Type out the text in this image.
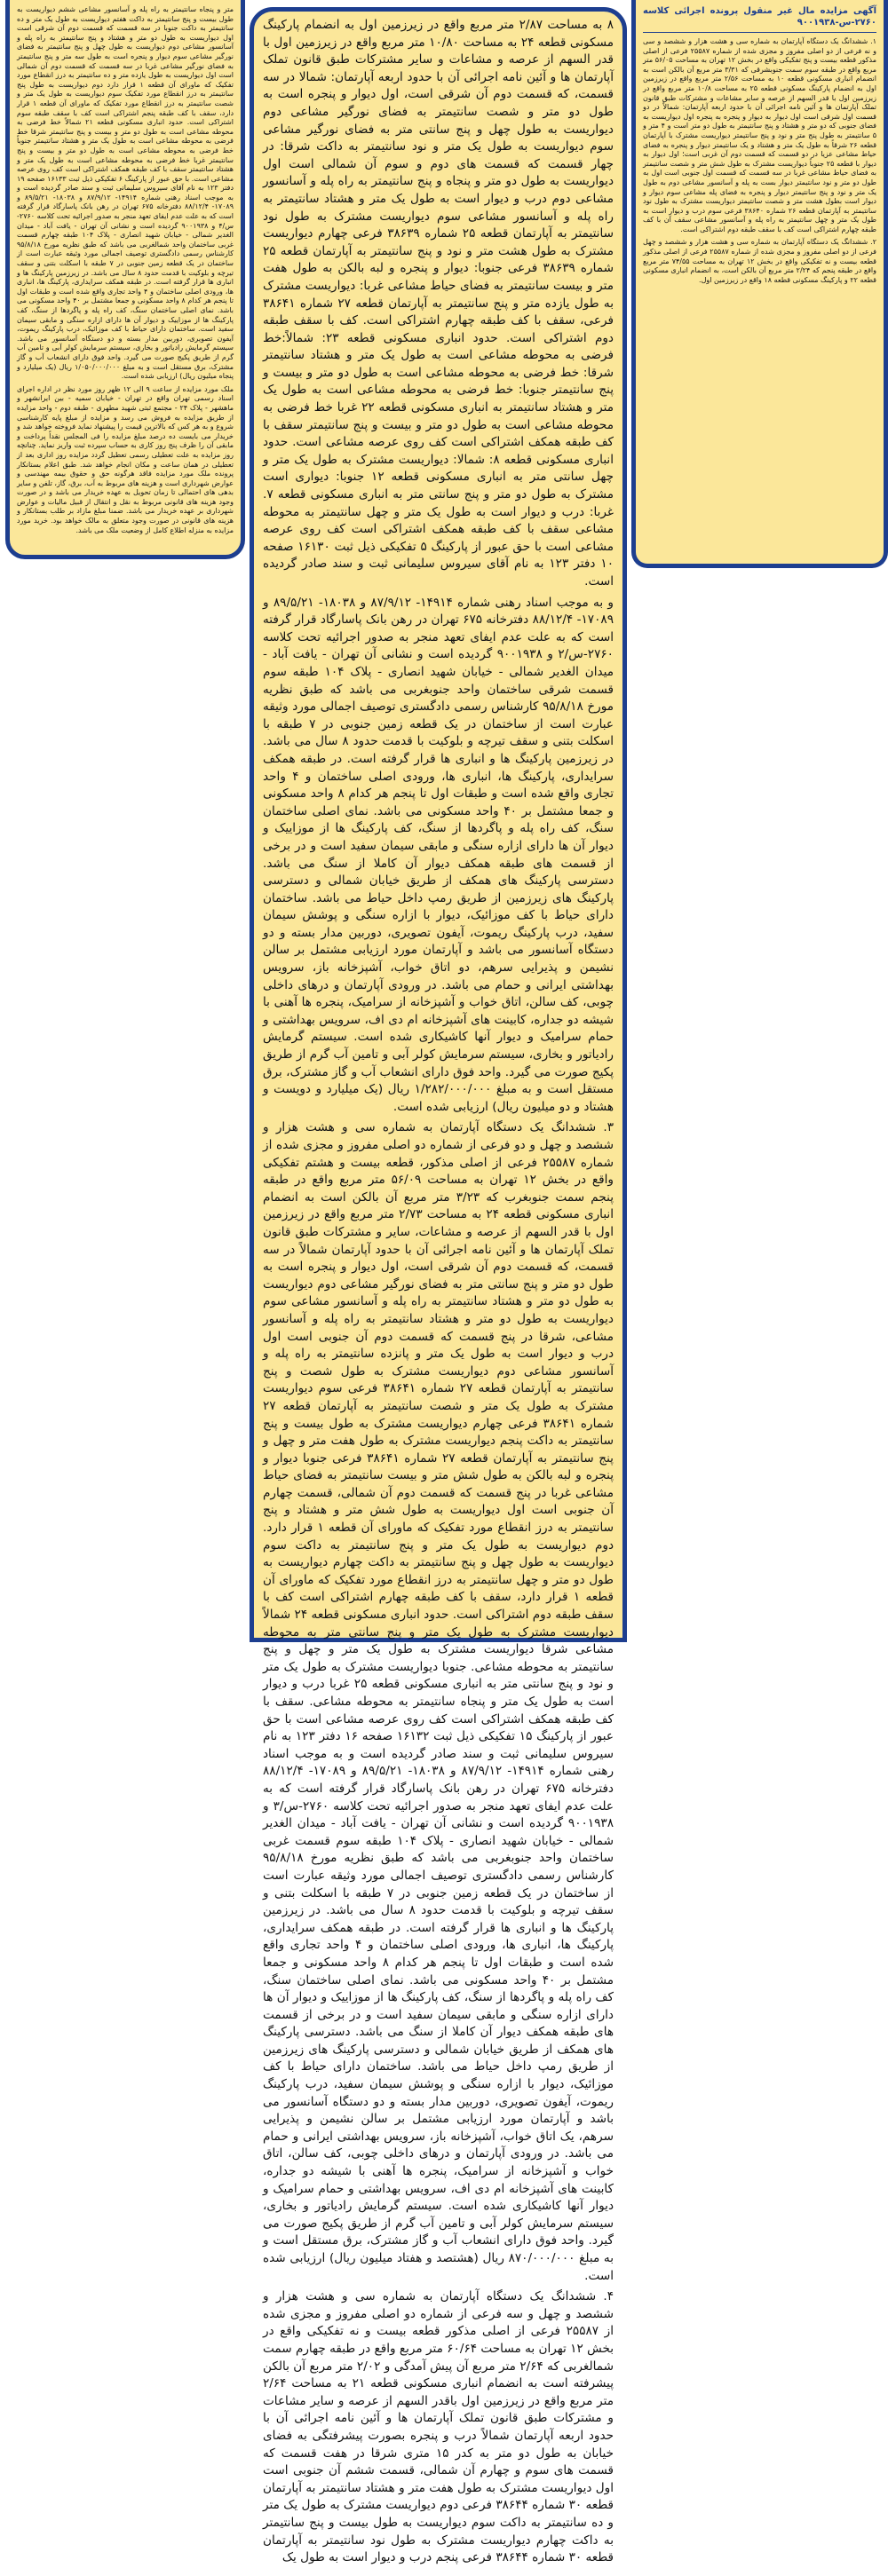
آگهی مزایده مال غیر منقول پرونده اجرائی کلاسه ۲۷۶۰-س-۹۰۰۱۹۳۸

۱. ششدانگ یک دستگاه آپارتمان به شماره سی و هشت هزار و ششصد و سی و نه فرعی از دو اصلی مفروز و مجزی شده از شماره ۲۵۵۸۷ فرعی از اصلی مذکور قطعه بیست و پنج تفکیکی واقع در بخش ۱۲ تهران به مساحت ۵۶/۰۵ متر مربع واقع در طبقه سوم سمت جنوبشرقی که ۳/۳۱ متر مربع آن بالکن است به انضمام انباری مسکونی قطعه ۱۰ به مساحت ۲/۵۶ متر مربع واقع در زیرزمین اول به انضمام پارکینگ مسکونی قطعه ۲۵ به مساحت ۱۰/۸ متر مربع واقع در زیرزمین اول با قدر السهم از عرصه و سایر مشاعات و مشترکات طبق قانون تملک آپارتمان ها و آئین نامه اجرائی آن با حدود اربعه آپارتمان: شمالاً در دو قسمت اول شرقی است اول دیوار به دیوار و پنجره به پنجره اول دیواریست به فضای جنوبی که دو متر و هشتاد و پنج سانتیمتر به طول دو متر است و ۴ متر و ۵ سانتیمتر به طول پنج متر و نود و پنج سانتیمتر دیواریست مشترک با آپارتمان قطعه ۲۶ شرقاً به طول یک متر و هشتاد و یک سانتیمتر دیوار و پنجره به فضای حیاط مشاعی عزیا در دو قسمت که قسمت دوم آن غربی است؛ اول دیوار به دیوار با قطعه ۲۵ جنوباً دیواریست مشترک به طول شش متر و شصت سانتیمتر به فضای حیاط مشاعی غربا در سه قسمت که قسمت اول جنوبی است اول به طول دو متر و نود سانتیمتر دیوار بست به پله و آسانسور مشاعی دوم به طول یک متر و نود و پنج سانتیمتر دیوار و پنجره به فضای پله مشاعی سوم دیوار و دیوار است بطول هشت متر و شصت سانتیمتر دیواریست مشترک به طول نود سانتیمتر به آپارتمان قطعه ۲۶ شماره ۳۸۶۴۰ فرعی سوم درب و دیوار است به طول یک متر و چهل سانتیمتر به راه پله و آسانسور مشاعی سقف آن با کف طبقه چهارم اشتراکی است کف با سقف طبقه دوم اشتراکی است.

۲. ششدانگ یک دستگاه آپارتمان به شماره سی و هشت هزار و ششصد و چهل فرعی از دو اصلی مفروز و مجزی شده از شماره ۲۵۵۸۷ فرعی از اصلی مذکور قطعه بیست و نه تفکیکی واقع در بخش ۱۲ تهران به مساحت ۷۴/۵۵ متر مربع واقع در طبقه پنجم که ۲/۲۴ متر مربع آن بالکن است، به انضمام انباری مسکونی قطعه ۲۲ و پارکینگ مسکونی قطعه ۱۸ واقع در زیرزمین اول.

۸ به مساحت ۲/۸۷ متر مربع واقع در زیرزمین اول به انضمام پارکینگ مسکونی قطعه ۲۴ به مساحت ۱۰/۸۰ متر مربع واقع در زیرزمین اول با قدر السهم از عرصه و مشاعات و سایر مشترکات طبق قانون تملک آپارتمان ها و آئین نامه اجرائی آن با حدود اربعه آپارتمان: شمالا در سه قسمت، که قسمت دوم آن شرقی است، اول دیوار و پنجره است به طول دو متر و شصت سانتیمتر به فضای نورگیر مشاعی دوم دیواریست به طول چهل و پنج سانتی متر به فضای نورگیر مشاعی سوم دیواریست به طول یک متر و نود سانتیمتر به داکت شرقا: در چهار قسمت که قسمت های دوم و سوم آن شمالی است اول دیواریست به طول دو متر و پنجاه و پنج سانتیمتر به راه پله و آسانسور مشاعی دوم درب و دیوار است به طول یک متر و هشتاد سانتیمتر به راه پله و آسانسور مشاعی سوم دیواریست مشترک به طول نود سانتیمتر به آپارتمان قطعه ۲۵ شماره ۳۸۶۳۹ فرعی چهارم دیواریست مشترک به طول هشت متر و نود و پنج سانتیمتر به آپارتمان قطعه ۲۵ شماره ۳۸۶۳۹ فرعی جنوبا: دیوار و پنجره و لبه بالکن به طول هفت متر و بیست سانتیمتر به فضای حیاط مشاعی غربا: دیواریست مشترک به طول یازده متر و پنج سانتیمتر به آپارتمان قطعه ۲۷ شماره ۳۸۶۴۱ فرعی، سقف با کف طبقه چهارم اشتراکی است. کف با سقف طبقه دوم اشتراکی است. حدود انباری مسکونی قطعه ۲۳: شمالاً:خط فرضی به محوطه مشاعی است به طول یک متر و هشتاد سانتیمتر شرقا: خط فرضی به محوطه مشاعی است به طول دو متر و بیست و پنج سانتیمتر جنوبا: خط فرضی به محوطه مشاعی است به طول یک متر و هشتاد سانتیمتر به انباری مسکونی قطعه ۲۲ غربا خط فرضی به محوطه مشاعی است به طول دو متر و بیست و پنج سانتیمتر سقف با کف طبقه همکف اشتراکی است کف روی عرصه مشاعی است. حدود انباری مسکونی قطعه ۸: شمالا: دیواریست مشترک به طول یک متر و چهل سانتی متر به انباری مسکونی قطعه ۱۲ جنوبا: دیواری است مشترک به طول دو متر و پنج سانتی متر به انباری مسکونی قطعه ۷. غربا: درب و دیوار است به طول یک متر و چهل سانتیمتر به محوطه مشاعی سقف با کف طبقه همکف اشتراکی است کف روی عرصه مشاعی است با حق عبور از پارکینگ ۵ تفکیکی ذیل ثبت ۱۶۱۳۰ صفحه ۱۰ دفتر ۱۲۳ به نام آقای سیروس سلیمانی ثبت و سند صادر گردیده است.

و به موجب اسناد رهنی شماره ۱۴۹۱۴- ۸۷/۹/۱۲ و ۱۸۰۳۸- ۸۹/۵/۲۱ و ۱۷۰۸۹- ۸۸/۱۲/۴ دفترخانه ۶۷۵ تهران در رهن بانک پاسارگاد قرار گرفته است که به علت عدم ایفای تعهد منجر به صدور اجرائیه تحت کلاسه ۲۷۶۰-س/۲ و ۹۰۰۱۹۳۸ گردیده است و نشانی آن تهران - یافت آباد - میدان الغدیر شمالی - خیابان شهید انصاری - پلاک ۱۰۴ طبقه سوم قسمت شرقی ساختمان واحد جنوبغربی می باشد که طبق نظریه مورخ ۹۵/۸/۱۸ کارشناس رسمی دادگستری توصیف اجمالی مورد وثیقه عبارت است از ساختمان در یک قطعه زمین جنوبی در ۷ طبقه با اسکلت بتنی و سقف تیرچه و بلوکیت با قدمت حدود ۸ سال می باشد. در زیرزمین پارکینگ ها و انباری ها قرار گرفته است. در طبقه همکف سرایداری، پارکینگ ها، انباری ها، ورودی اصلی ساختمان و ۴ واحد تجاری واقع شده است و طبقات اول تا پنجم هر کدام ۸ واحد مسکونی و جمعا مشتمل بر ۴۰ واحد مسکونی می باشد. نمای اصلی ساختمان سنگ، کف راه پله و پاگردها از سنگ، کف پارکینگ ها از موزاییک و دیوار آن ها دارای ازاره سنگی و مابقی سیمان سفید است و در برخی از قسمت های طبقه همکف دیوار آن کاملا از سنگ می باشد. دسترسی پارکینگ های همکف از طریق خیابان شمالی و دسترسی پارکینگ های زیرزمین از طریق رمپ داخل حیاط می باشد. ساختمان دارای حیاط با کف موزائیک، دیوار با ازاره سنگی و پوشش سیمان سفید، درب پارکینگ ریموت، آیفون تصویری، دوربین مدار بسته و دو دستگاه آسانسور می باشد و آپارتمان مورد ارزیابی مشتمل بر سالن نشیمن و پذیرایی سرهم، دو اتاق خواب، آشپزخانه باز، سرویس بهداشتی ایرانی و حمام می باشد. در ورودی آپارتمان و درهای داخلی چوبی، کف سالن، اتاق خواب و آشپزخانه از سرامیک، پنجره ها آهنی با شیشه دو جداره، کابینت های آشپزخانه ام دی اف، سرویس بهداشتی و حمام سرامیک و دیوار آنها کاشیکاری شده است. سیستم گرمایش رادیاتور و بخاری، سیستم سرمایش کولر آبی و تامین آب گرم از طریق پکیج صورت می گیرد. واحد فوق دارای انشعاب آب و گاز مشترک، برق مستقل است و به مبلغ ۱/۲۸۲/۰۰۰/۰۰۰ ریال (یک میلیارد و دویست و هشتاد و دو میلیون ریال) ارزیابی شده است.

۳. ششدانگ یک دستگاه آپارتمان به شماره سی و هشت هزار و ششصد و چهل و دو فرعی از شماره دو اصلی مفروز و مجزی شده از شماره ۲۵۵۸۷ فرعی از اصلی مذکور، قطعه بیست و هشتم تفکیکی واقع در بخش ۱۲ تهران به مساحت ۵۶/۰۹ متر مربع واقع در طبقه پنجم سمت جنوبغرب که ۳/۲۳ متر مربع آن بالکن است به انضمام انباری مسکونی قطعه ۲۴ به مساحت ۲/۷۳ متر مربع واقع در زیرزمین اول با قدر السهم از عرصه و مشاعات، سایر و مشترکات طبق قانون تملک آپارتمان ها و آئین نامه اجرائی آن با حدود آپارتمان شمالاً در سه قسمت، که قسمت دوم آن شرقی است، اول دیوار و پنجره است به طول دو متر و پنج سانتی متر به فضای نورگیر مشاعی دوم دیواریست به طول دو متر و هشتاد سانتیمتر به راه پله و آسانسور مشاعی سوم دیواریست به طول دو متر و هشتاد سانتیمتر به راه پله و آسانسور مشاعی، شرقا در پنج قسمت که قسمت دوم آن جنوبی است اول درب و دیوار است به طول یک متر و پانزده سانتیمتر به راه پله و آسانسور مشاعی دوم دیواریست مشترک به طول شصت و پنج سانتیمتر به آپارتمان قطعه ۲۷ شماره ۳۸۶۴۱ فرعی سوم دیواریست مشترک به طول یک متر و شصت سانتیمتر به آپارتمان قطعه ۲۷ شماره ۳۸۶۴۱ فرعی چهارم دیواریست مشترک به طول بیست و پنج سانتیمتر به داکت پنجم دیواریست مشترک به طول هفت متر و چهل و پنج سانتیمتر به آپارتمان قطعه ۲۷ شماره ۳۸۶۴۱ فرعی جنوبا دیوار و پنجره و لبه بالکن به طول شش متر و بیست سانتیمتر به فضای حیاط مشاعی غربا در پنج قسمت که قسمت دوم آن شمالی، قسمت چهارم آن جنوبی است اول دیواریست به طول شش متر و هشتاد و پنج سانتیمتر به درز انقطاع مورد تفکیک که ماورای آن قطعه ۱ قرار دارد. دوم دیواریست به طول یک متر و پنج سانتیمتر به داکت سوم دیواریست به طول چهل و پنج سانتیمتر به داکت چهارم دیواریست به طول دو متر و چهل سانتیمتر به درز انقطاع مورد تفکیک که ماورای آن قطعه ۱ قرار دارد، سقف با کف طبقه چهارم اشتراکی است کف با سقف طبقه دوم اشتراکی است. حدود انباری مسکونی قطعه ۲۴ شمالاً دیواریست مشترک به طول یک متر و پنج سانتی متر به محوطه مشاعی شرقا دیواریست مشترک به طول یک متر و چهل و پنج سانتیمتر به محوطه مشاعی. جنوبا دیواریست مشترک به طول یک متر و نود و پنج سانتی متر به انباری مسکونی قطعه ۲۵ غربا درب و دیوار است به طول یک متر و پنجاه سانتیمتر به محوطه مشاعی. سقف با کف طبقه همکف اشتراکی است کف روی عرصه مشاعی است با حق عبور از پارکینگ ۱۵ تفکیکی ذیل ثبت ۱۶۱۳۲ صفحه ۱۶ دفتر ۱۲۳ به نام سیروس سلیمانی ثبت و سند صادر گردیده است و به موجب اسناد رهنی شماره ۱۴۹۱۴- ۸۷/۹/۱۲ و ۱۸۰۳۸- ۸۹/۵/۲۱ و ۱۷۰۸۹- ۸۸/۱۲/۴ دفترخانه ۶۷۵ تهران در رهن بانک پاسارگاد قرار گرفته است که به علت عدم ایفای تعهد منجر به صدور اجرائیه تحت کلاسه ۲۷۶۰-س/۳ و ۹۰۰۱۹۳۸ گردیده است و نشانی آن تهران - یافت آباد - میدان الغدیر شمالی - خیابان شهید انصاری - پلاک ۱۰۴ طبقه سوم قسمت غربی ساختمان واحد جنوبغربی می باشد که طبق نظریه مورخ ۹۵/۸/۱۸ کارشناس رسمی دادگستری توصیف اجمالی مورد وثیقه عبارت است از ساختمان در یک قطعه زمین جنوبی در ۷ طبقه با اسکلت بتنی و سقف تیرچه و بلوکیت با قدمت حدود ۸ سال می باشد. در زیرزمین پارکینگ ها و انباری ها قرار گرفته است. در طبقه همکف سرایداری، پارکینگ ها، انباری ها، ورودی اصلی ساختمان و ۴ واحد تجاری واقع شده است و طبقات اول تا پنجم هر کدام ۸ واحد مسکونی و جمعا مشتمل بر ۴۰ واحد مسکونی می باشد. نمای اصلی ساختمان سنگ، کف راه پله و پاگردها از سنگ، کف پارکینگ ها از موزاییک و دیوار آن ها دارای ازاره سنگی و مابقی سیمان سفید است و در برخی از قسمت های طبقه همکف دیوار آن کاملا از سنگ می باشد. دسترسی پارکینگ های همکف از طریق خیابان شمالی و دسترسی پارکینگ های زیرزمین از طریق رمپ داخل حیاط می باشد. ساختمان دارای حیاط با کف موزائیک، دیوار با ازاره سنگی و پوشش سیمان سفید، درب پارکینگ ریموت، آیفون تصویری، دوربین مدار بسته و دو دستگاه آسانسور می باشد و آپارتمان مورد ارزیابی مشتمل بر سالن نشیمن و پذیرایی سرهم، یک اتاق خواب، آشپزخانه باز، سرویس بهداشتی ایرانی و حمام می باشد. در ورودی آپارتمان و درهای داخلی چوبی، کف سالن، اتاق خواب و آشپزخانه از سرامیک، پنجره ها آهنی با شیشه دو جداره، کابینت های آشپزخانه ام دی اف، سرویس بهداشتی و حمام سرامیک و دیوار آنها کاشیکاری شده است. سیستم گرمایش رادیاتور و بخاری، سیستم سرمایش کولر آبی و تامین آب گرم از طریق پکیج صورت می گیرد. واحد فوق دارای انشعاب آب و گاز مشترک، برق مستقل است و به مبلغ ۸۷۰/۰۰۰/۰۰۰ ریال (هشتصد و هفتاد میلیون ریال) ارزیابی شده است.

۴. ششدانگ یک دستگاه آپارتمان به شماره سی و هشت هزار و ششصد و چهل و سه فرعی از شماره دو اصلی مفروز و مجزی شده از ۲۵۵۸۷ فرعی از اصلی مذکور قطعه بیست و نه تفکیکی واقع در بخش ۱۲ تهران به مساحت ۶۰/۶۴ متر مربع واقع در طبقه چهارم سمت شمالغربی که ۲/۶۴ متر مربع آن پیش آمدگی و ۲/۰۲ متر مربع آن بالکن پیشرفته است به انضمام انباری مسکونی قطعه ۲۱ به مساحت ۲/۶۴ متر مربع واقع در زیرزمین اول باقدر السهم از عرصه و سایر مشاعات و مشترکات طبق قانون تملک آپارتمان ها و آئین نامه اجرائی آن با حدود اربعه آپارتمان شمالاً درب و پنجره بصورت پیشرفتگی به فضای خیابان به طول دو متر به کدر ۱۵ متری شرقا در هفت قسمت که قسمت های سوم و چهارم آن شمالی، قسمت ششم آن جنوبی است اول دیواریست مشترک به طول هفت متر و هشتاد سانتیمتر به آپارتمان قطعه ۳۰ شماره ۳۸۶۴۴ فرعی دوم دیواریست مشترک به طول یک متر و ده سانتیمتر به داکت سوم دیواریست به طول بیست و پنج سانتیمتر به داکت چهارم دیواریست مشترک به طول نود سانتیمتر به آپارتمان قطعه ۳۰ شماره ۳۸۶۴۴ فرعی پنجم درب و دیوار است به طول یک

متر و پنجاه سانتیمتر به راه پله و آسانسور مشاعی ششم دیواریست به طول بیست و پنج سانتیمتر به داکت هفتم دیواریست به طول یک متر و ده سانتیمتر به داکت جنوبا در سه قسمت که قسمت دوم آن شرقی است اول دیواریست به طول دو متر و هشتاد و پنج سانتیمتر به راه پله و آسانسور مشاعی دوم دیواریست به طول چهل و پنج سانتیمتر به فضای نورگیر مشاعی سوم دیوار و پنجره است به طول سه متر و پنج سانتیمتر به فضای نورگیر مشاعی غربا در سه قسمت که قسمت دوم آن شمالی است اول دیواریست به طول یازده متر و ده سانتیمتر به درز انقطاع مورد تفکیک که ماورای آن قطعه ۱ قرار دارد دوم دیواریست به طول پنج سانتیمتر به درز انقطاع مورد تفکیک سوم دیواریست به طول یک متر و شصت سانتیمتر به درز انقطاع مورد تفکیک که ماورای آن قطعه ۱ قرار دارد، سقف با کف طبقه پنجم اشتراکی است کف با سقف طبقه سوم اشتراکی است. حدود انباری مسکونی قطعه ۲۱ شمالاً خط فرضی به محوطه مشاعی است به طول دو متر و بیست و پنج سانتیمتر شرقا خط فرضی به محوطه مشاعی است به طول یک متر و هشتاد سانتیمتر جنوباً خط فرضی به محوطه مشاعی است به طول دو متر و بیست و پنج سانتیمتر غربا خط فرضی به محوطه مشاعی است به طول یک متر و هشتاد سانتیمتر سقف با کف طبقه همکف اشتراکی است کف روی عرصه مشاعی است. با حق عبور از پارکینگ ۶ تفکیکی ذیل ثبت ۱۶۱۳۳ صفحه ۱۹ دفتر ۱۲۳ به نام آقای سیروس سلیمانی ثبت و سند صادر گردیده است و به موجب اسناد رهنی شماره ۱۴۹۱۴- ۸۷/۹/۱۲ و ۱۸۰۳۸- ۸۹/۵/۲۱ و ۱۷۰۸۹- ۸۸/۱۲/۴ دفترخانه ۶۷۵ تهران در رهن بانک پاسارگاد قرار گرفته است که به علت عدم ایفای تعهد منجر به صدور اجرائیه تحت کلاسه ۲۷۶۰-س/۴ و ۹۰۰۱۹۳۸ گردیده است و نشانی آن تهران - یافت آباد - میدان الغدیر شمالی - خیابان شهید انصاری - پلاک ۱۰۴ طبقه چهارم قسمت غربی ساختمان واحد شمالغربی می باشد که طبق نظریه مورخ ۹۵/۸/۱۸ کارشناس رسمی دادگستری توصیف اجمالی مورد وثیقه عبارت است از ساختمان در یک قطعه زمین جنوبی در ۷ طبقه با اسکلت بتنی و سقف تیرچه و بلوکیت با قدمت حدود ۸ سال می باشد. در زیرزمین پارکینگ ها و انباری ها قرار گرفته است. در طبقه همکف سرایداری، پارکینگ ها، انباری ها، ورودی اصلی ساختمان و ۴ واحد تجاری واقع شده است و طبقات اول تا پنجم هر کدام ۸ واحد مسکونی و جمعا مشتمل بر ۴۰ واحد مسکونی می باشد. نمای اصلی ساختمان سنگ، کف راه پله و پاگردها از سنگ، کف پارکینگ ها از موزاییک و دیوار آن ها دارای ازاره سنگی و مابقی سیمان سفید است. ساختمان دارای حیاط با کف موزائیک، درب پارکینگ ریموت، آیفون تصویری، دوربین مدار بسته و دو دستگاه آسانسور می باشد. سیستم گرمایش رادیاتور و بخاری، سیستم سرمایش کولر آبی و تامین آب گرم از طریق پکیج صورت می گیرد. واحد فوق دارای انشعاب آب و گاز مشترک، برق مستقل است و به مبلغ ۱/۰۵۰/۰۰۰/۰۰۰ ریال (یک میلیارد و پنجاه میلیون ریال) ارزیابی شده است.

ملک مورد مزایده از ساعت ۹ الی ۱۲ ظهر روز مورد نظر در اداره اجرای اسناد رسمی تهران واقع در تهران - خیابان سمیه - بین ایرانشهر و ماهشهر - پلاک ۲۴ - مجتمع ثبتی شهید مطهری - طبقه دوم - واحد مزایده از طریق مزایده به فروش می رسد و مزایده از مبلغ پایه کارشناسی شروع و به هر کس که بالاترین قیمت را پیشنهاد نماید فروخته خواهد شد و خریدار می بایست ده درصد مبلغ مزایده را فی المجلس نقداً پرداخت و مابقی آن را ظرف پنج روز کاری به حساب سپرده ثبت واریز نماید. چنانچه روز مزایده به علت تعطیلی رسمی تعطیل گردد مزایده روز اداری بعد از تعطیلی در همان ساعت و مکان انجام خواهد شد. طبق اعلام بستانکار پرونده ملک مورد مزایده فاقد هرگونه حق و حقوق بیمه مهندسی و عوارض شهرداری است و هزینه های مربوط به آب، برق، گاز، تلفن و سایر بدهی های احتمالی تا زمان تحویل به عهده خریدار می باشد و در صورت وجود هزینه های قانونی مربوط به نقل و انتقال از قبیل مالیات و عوارض شهرداری بر عهده خریدار می باشد. ضمنا مبلغ مازاد بر طلب بستانکار و هزینه های قانونی در صورت وجود متعلق به مالک خواهد بود. خرید مورد مزایده به منزله اطلاع کامل از وضعیت ملک می باشد.
